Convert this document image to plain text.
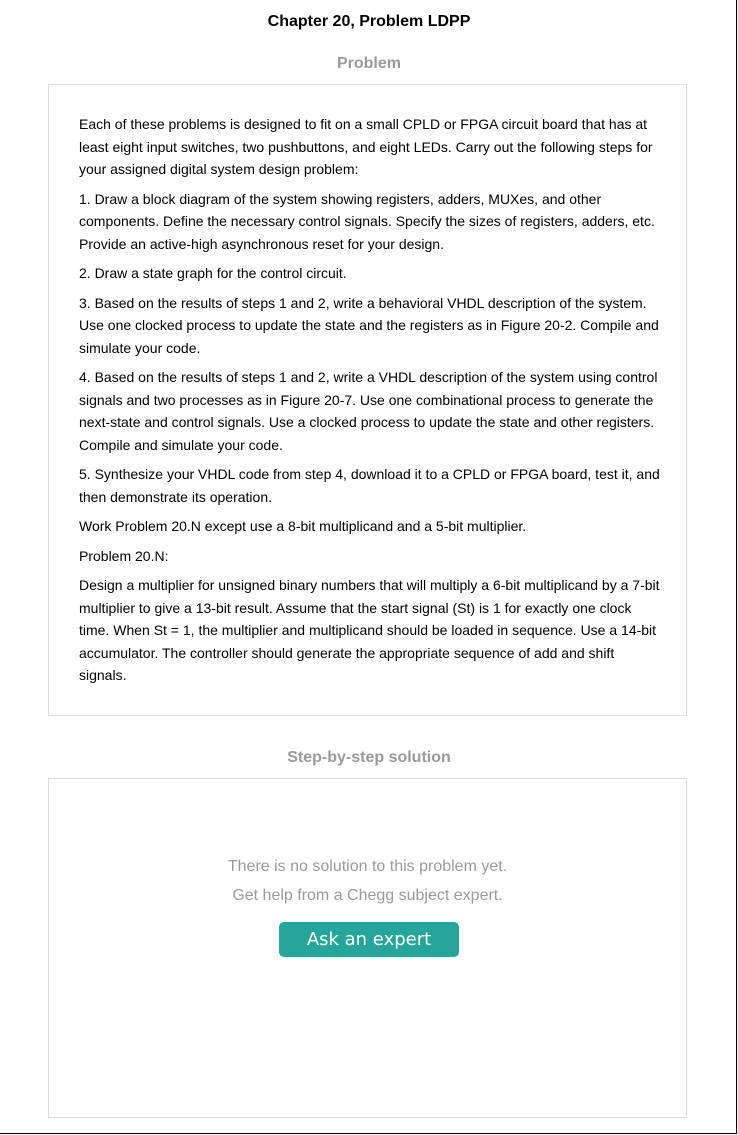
Chapter 20, Problem LDPP
Problem

Each of these problems is designed to fit on a small CPLD or FPGA circuit board that has at least eight input switches, two pushbuttons, and eight LEDs. Carry out the following steps for your assigned digital system design problem:

1. Draw a block diagram of the system showing registers, adders, MUXes, and other components. Define the necessary control signals. Specify the sizes of registers, adders, etc. Provide an active-high asynchronous reset for your design.

2. Draw a state graph for the control circuit.

3. Based on the results of steps 1 and 2, write a behavioral VHDL description of the system. Use one clocked process to update the state and the registers as in Figure 20-2. Compile and simulate your code.

4. Based on the results of steps 1 and 2, write a VHDL description of the system using control signals and two processes as in Figure 20-7. Use one combinational process to generate the next-state and control signals. Use a clocked process to update the state and other registers. Compile and simulate your code.

5. Synthesize your VHDL code from step 4, download it to a CPLD or FPGA board, test it, and then demonstrate its operation.

Work Problem 20.N except use a 8-bit multiplicand and a 5-bit multiplier.

Problem 20.N:

Design a multiplier for unsigned binary numbers that will multiply a 6-bit multiplicand by a 7-bit multiplier to give a 13-bit result. Assume that the start signal (St) is 1 for exactly one clock time. When St = 1, the multiplier and multiplicand should be loaded in sequence. Use a 14-bit accumulator. The controller should generate the appropriate sequence of add and shift signals.

Step-by-step solution
There is no solution to this problem yet.
Get help from a Chegg subject expert.
Ask an expert
